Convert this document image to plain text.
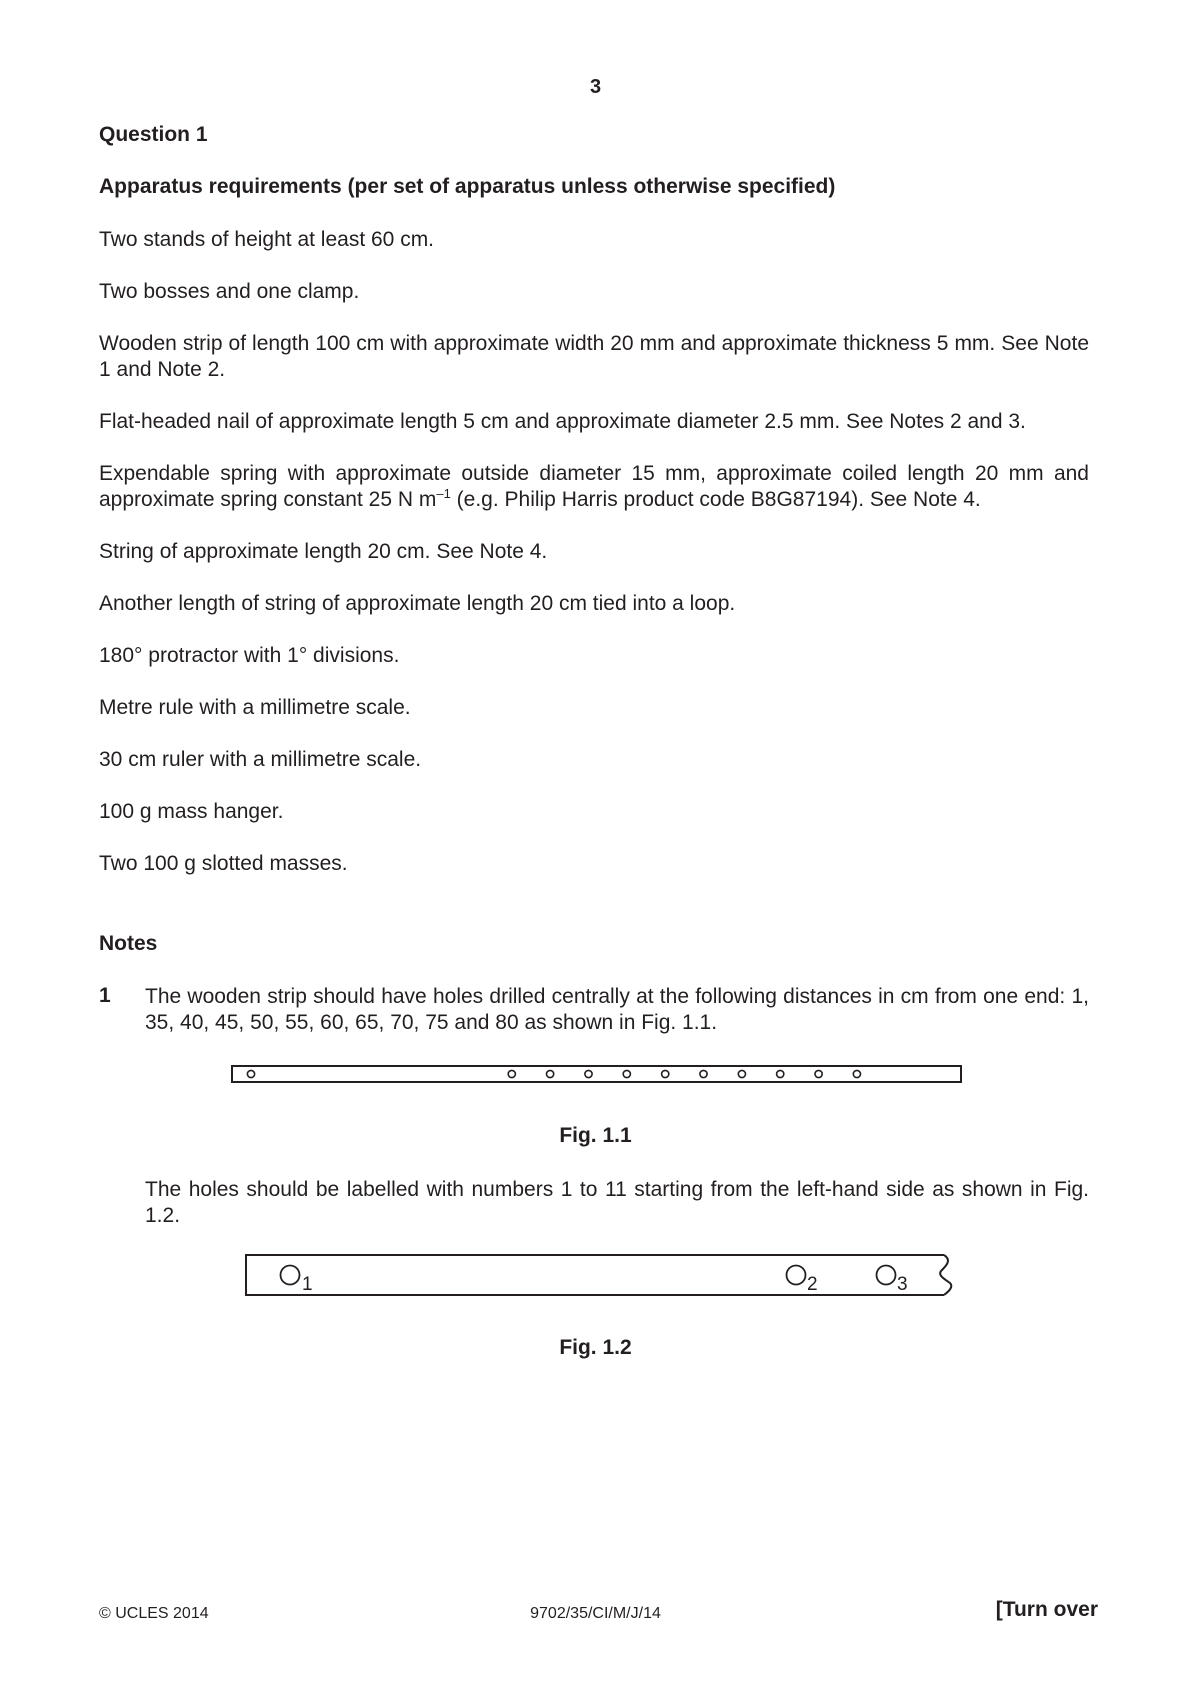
3
Question 1
Apparatus requirements (per set of apparatus unless otherwise specified)
Two stands of height at least 60 cm.
Two bosses and one clamp.
Wooden strip of length 100 cm with approximate width 20 mm and approximate thickness 5 mm. See Note 1 and Note 2.
Flat-headed nail of approximate length 5 cm and approximate diameter 2.5 mm. See Notes 2 and 3.
Expendable spring with approximate outside diameter 15 mm, approximate coiled length 20 mm and approximate spring constant 25 N $m^{-1}$ (e.g. Philip Harris product code B8G87194). See Note 4.
String of approximate length 20 cm. See Note 4.
Another length of string of approximate length 20 cm tied into a loop.
180° protractor with 1° divisions.
Metre rule with a millimetre scale.
30 cm ruler with a millimetre scale.
100 g mass hanger.
Two 100 g slotted masses.
Notes
1 The wooden strip should have holes drilled centrally at the following distances in cm from one end: 1, 35, 40, 45, 50, 55, 60, 65, 70, 75 and 80 as shown in Fig. 1.1.
Fig. 1.1
The holes should be labelled with numbers 1 to 11 starting from the left-hand side as shown in Fig. 1.2.
1	2	3
Fig. 1.2
© UCLES 2014	9702/35/CI/M/J/14	[Turn over
